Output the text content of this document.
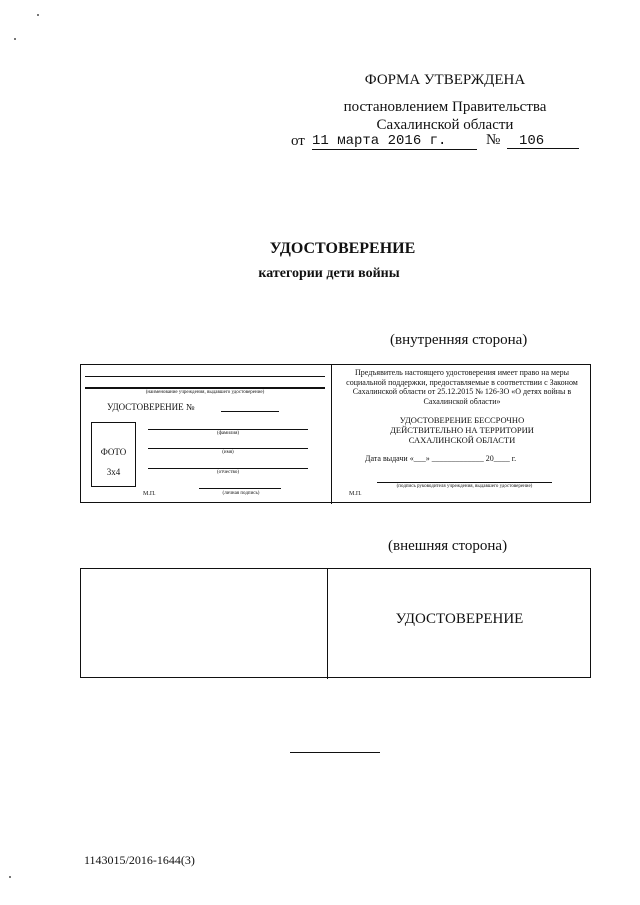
ФОРМА УТВЕРЖДЕНА
постановлением Правительства
Сахалинской области
от 11 марта 2016 г.	№	106
УДОСТОВЕРЕНИЕ
категории дети войны
(внутренняя сторона)
(наименование учреждения, выдавшего удостоверение)
УДОСТОВЕРЕНИЕ №
ФОТО
3х4
(фамилия)
(имя)
(отчество)
М.П.	(личная подпись)
Предъявитель настоящего удостоверения имеет право на меры социальной поддержки, предоставляемые в соответствии с Законом Сахалинской области от 25.12.2015 № 126-ЗО «О детях войны в Сахалинской области»
УДОСТОВЕРЕНИЕ БЕССРОЧНО
ДЕЙСТВИТЕЛЬНО НА ТЕРРИТОРИИ
САХАЛИНСКОЙ ОБЛАСТИ
Дата выдачи «___» _____________ 20____ г.
(подпись руководителя учреждения, выдавшего удостоверение)
М.П.
(внешняя сторона)
УДОСТОВЕРЕНИЕ
1143015/2016-1644(3)
